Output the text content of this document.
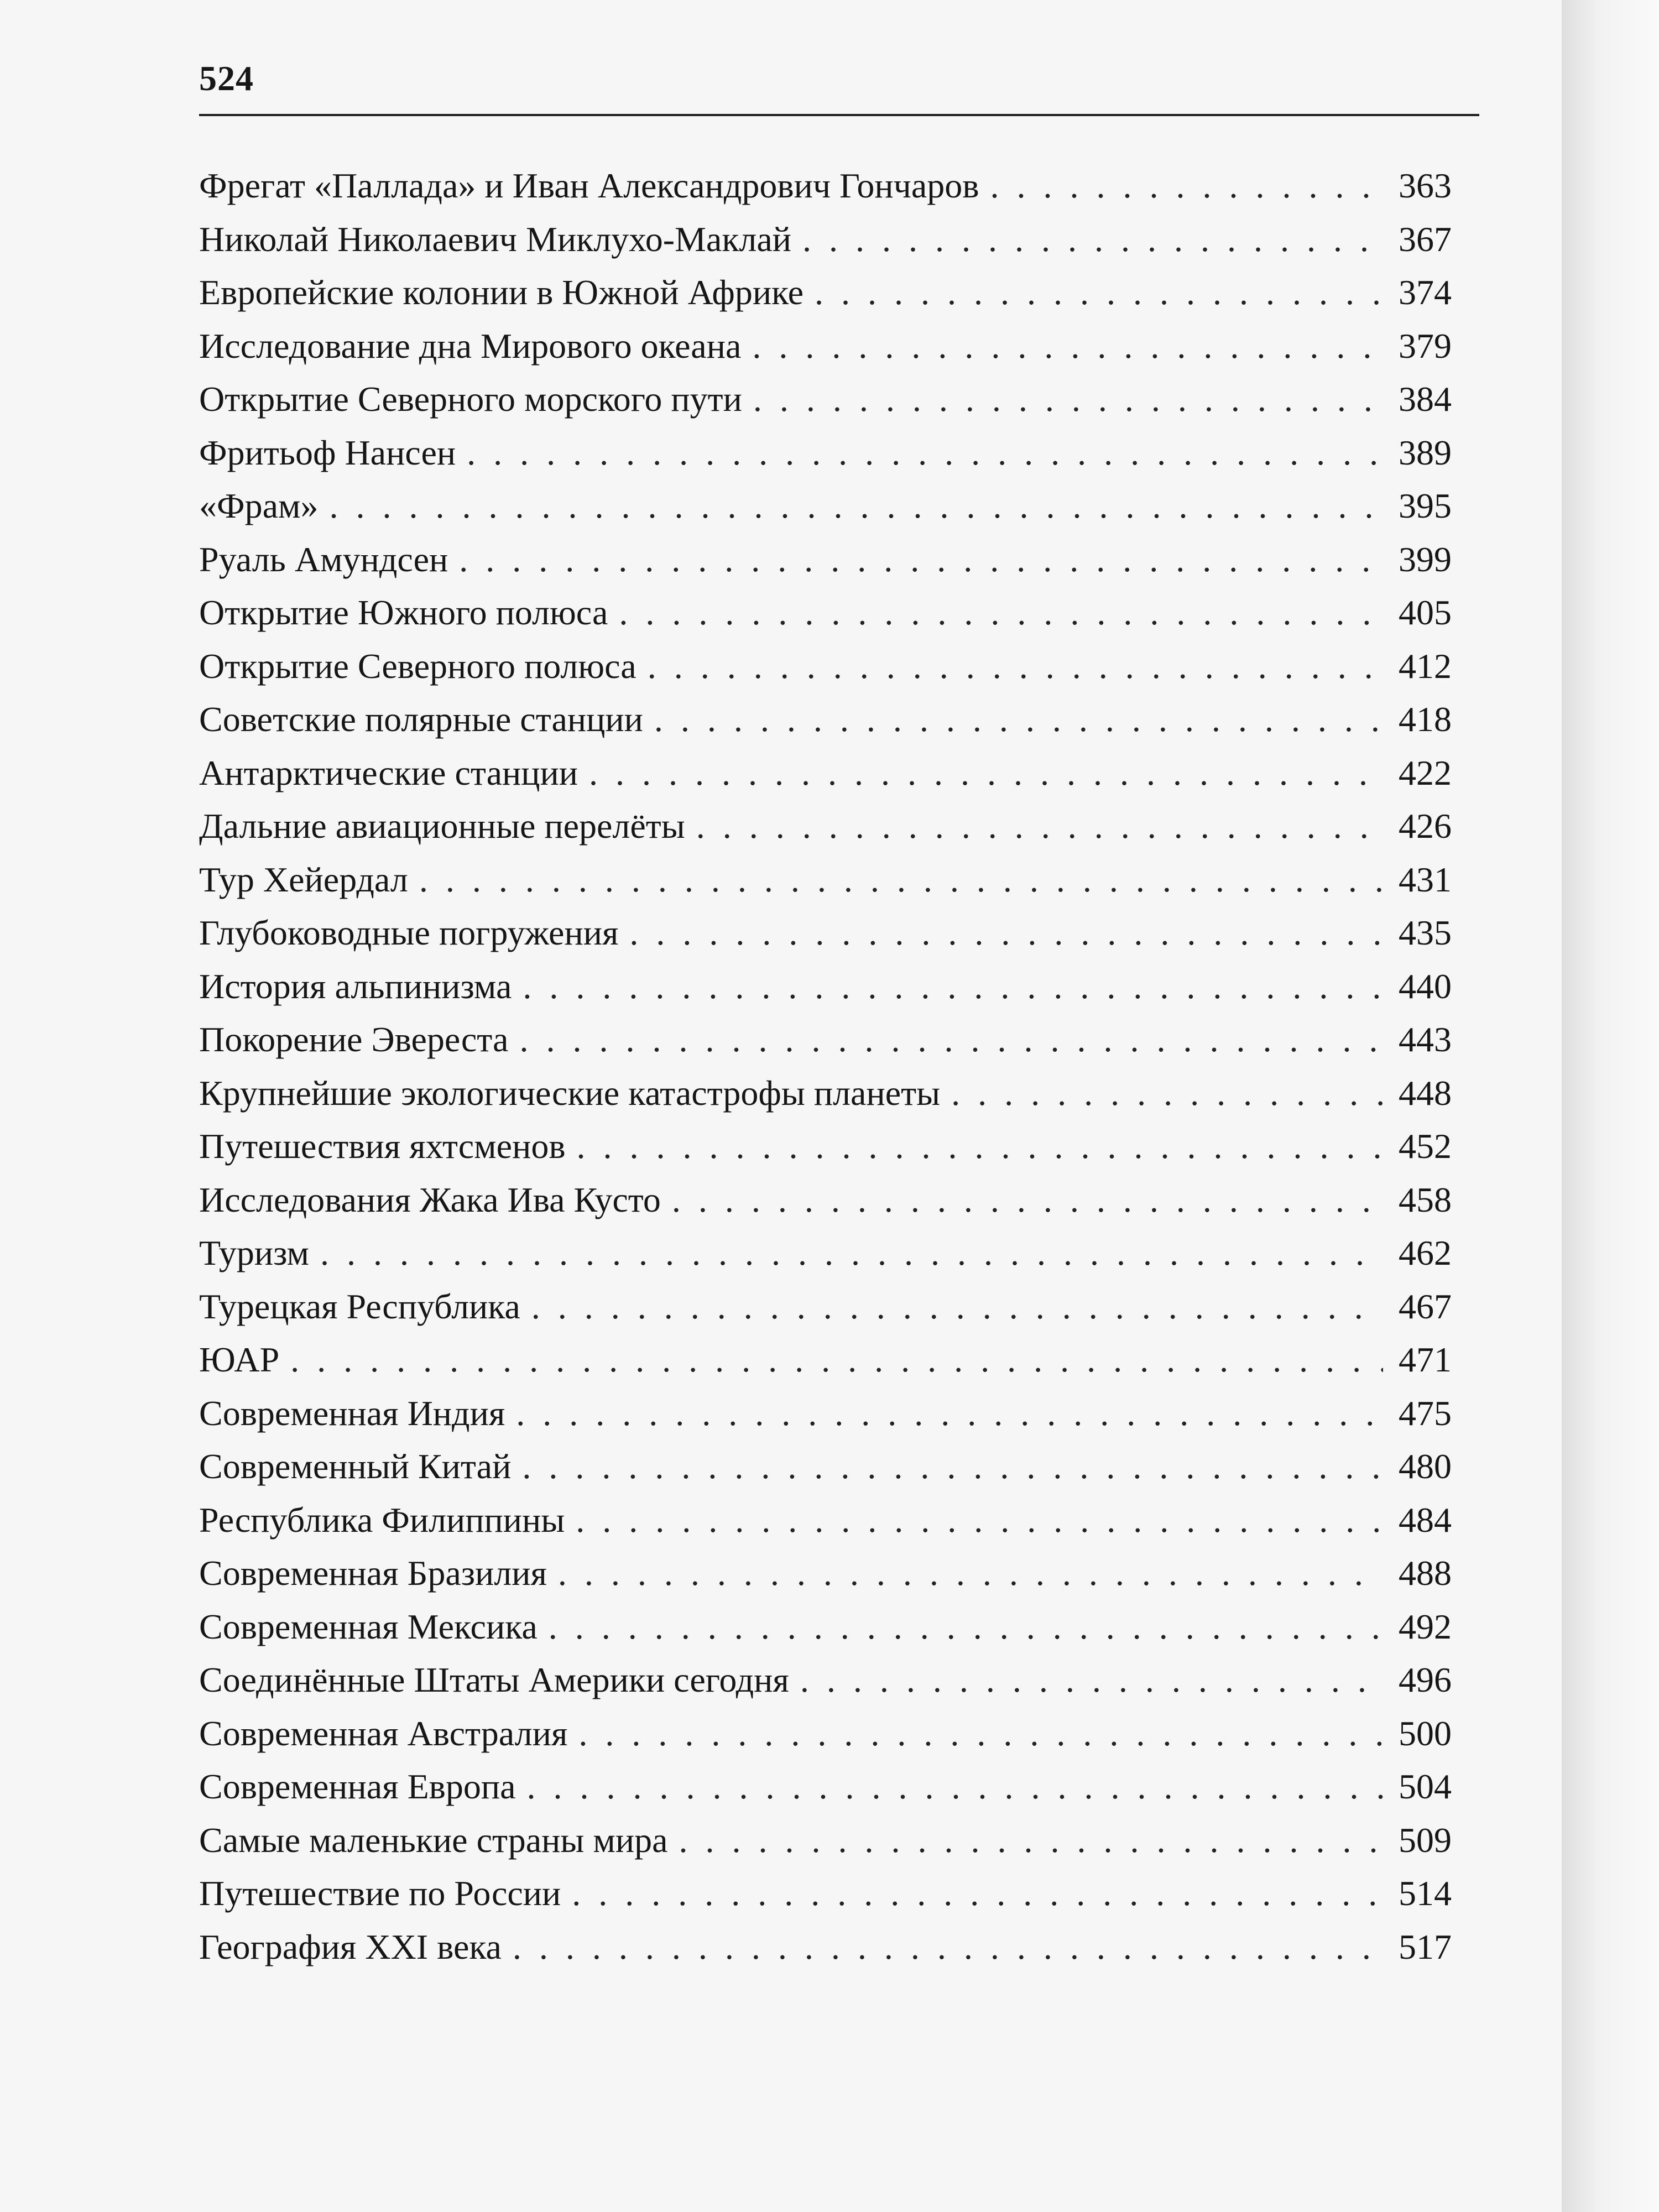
524
Фрегат «Паллада» и Иван Александрович Гончаров . . .	363
Николай Николаевич Миклухо-Маклай . . .	367
Европейские колонии в Южной Африке . . .	374
Исследование дна Мирового океана . . .	379
Открытие Северного морского пути . . .	384
Фритьоф Нансен . . .	389
«Фрам» . . .	395
Руаль Амундсен . . .	399
Открытие Южного полюса . . .	405
Открытие Северного полюса . . .	412
Советские полярные станции . . .	418
Антарктические станции . . .	422
Дальние авиационные перелёты . . .	426
Тур Хейердал . . .	431
Глубоководные погружения . . .	435
История альпинизма . . .	440
Покорение Эвереста . . .	443
Крупнейшие экологические катастрофы планеты . . .	448
Путешествия яхтсменов . . .	452
Исследования Жака Ива Кусто . . .	458
Туризм . . .	462
Турецкая Республика . . .	467
ЮАР . . .	471
Современная Индия . . .	475
Современный Китай . . .	480
Республика Филиппины . . .	484
Современная Бразилия . . .	488
Современная Мексика . . .	492
Соединённые Штаты Америки сегодня . . .	496
Современная Австралия . . .	500
Современная Европа . . .	504
Самые маленькие страны мира . . .	509
Путешествие по России . . .	514
География XXI века . . .	517
